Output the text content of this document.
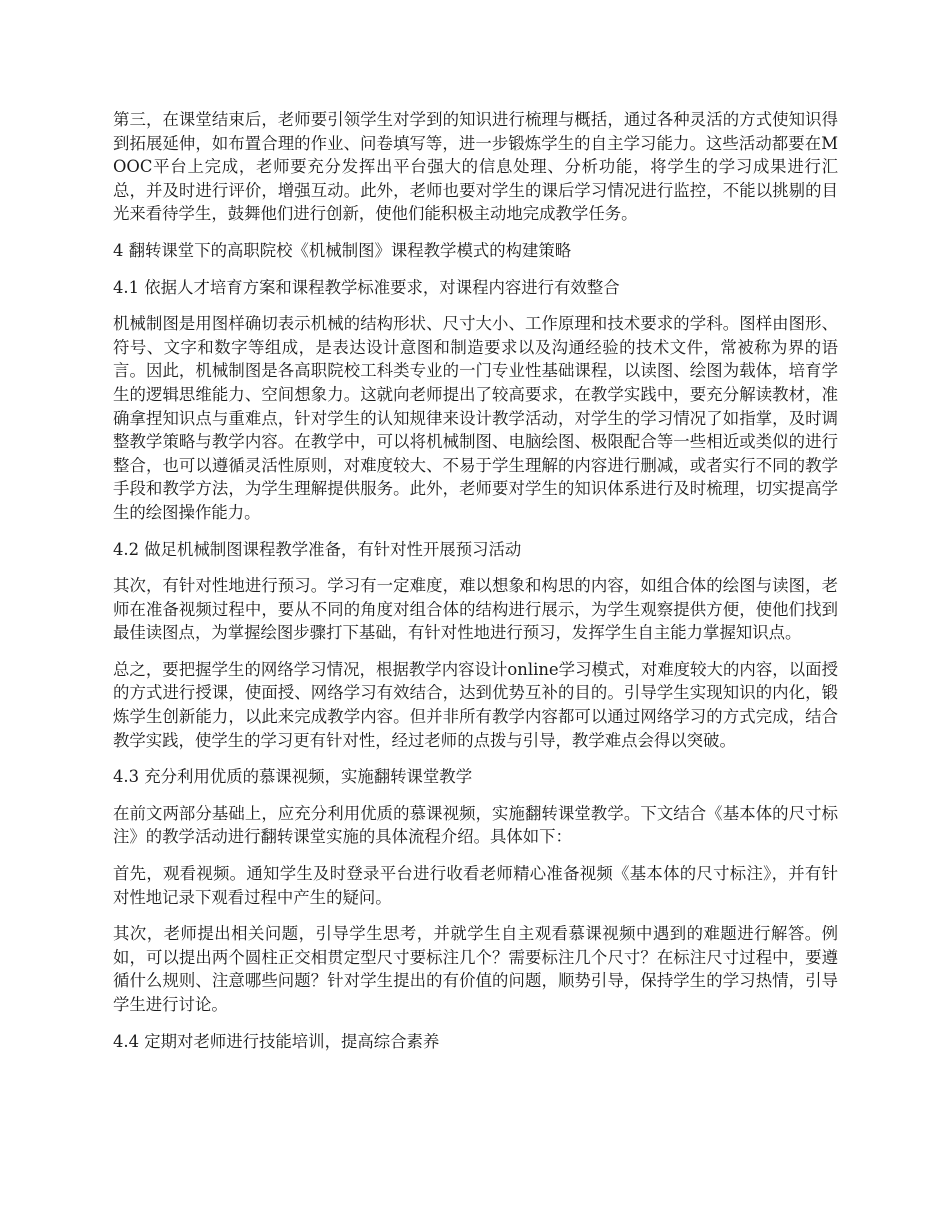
第三，在课堂结束后，老师要引领学生对学到的知识进行梳理与概括，通过各种灵活的方式使知识得到拓展延伸，如布置合理的作业、问卷填写等，进一步锻炼学生的自主学习能力。这些活动都要在MOOC平台上完成，老师要充分发挥出平台强大的信息处理、分析功能，将学生的学习成果进行汇总，并及时进行评价，增强互动。此外，老师也要对学生的课后学习情况进行监控，不能以挑剔的目光来看待学生，鼓舞他们进行创新，使他们能积极主动地完成教学任务。

4 翻转课堂下的高职院校《机械制图》课程教学模式的构建策略

4.1 依据人才培育方案和课程教学标准要求，对课程内容进行有效整合

机械制图是用图样确切表示机械的结构形状、尺寸大小、工作原理和技术要求的学科。图样由图形、符号、文字和数字等组成，是表达设计意图和制造要求以及沟通经验的技术文件，常被称为界的语言。因此，机械制图是各高职院校工科类专业的一门专业性基础课程，以读图、绘图为载体，培育学生的逻辑思维能力、空间想象力。这就向老师提出了较高要求，在教学实践中，要充分解读教材，准确拿捏知识点与重难点，针对学生的认知规律来设计教学活动，对学生的学习情况了如指掌，及时调整教学策略与教学内容。在教学中，可以将机械制图、电脑绘图、极限配合等一些相近或类似的进行整合，也可以遵循灵活性原则，对难度较大、不易于学生理解的内容进行删减，或者实行不同的教学手段和教学方法，为学生理解提供服务。此外，老师要对学生的知识体系进行及时梳理，切实提高学生的绘图操作能力。

4.2 做足机械制图课程教学准备，有针对性开展预习活动

其次，有针对性地进行预习。学习有一定难度，难以想象和构思的内容，如组合体的绘图与读图，老师在准备视频过程中，要从不同的角度对组合体的结构进行展示，为学生观察提供方便，使他们找到最佳读图点，为掌握绘图步骤打下基础，有针对性地进行预习，发挥学生自主能力掌握知识点。

总之，要把握学生的网络学习情况，根据教学内容设计online学习模式，对难度较大的内容，以面授的方式进行授课，使面授、网络学习有效结合，达到优势互补的目的。引导学生实现知识的内化，锻炼学生创新能力，以此来完成教学内容。但并非所有教学内容都可以通过网络学习的方式完成，结合教学实践，使学生的学习更有针对性，经过老师的点拨与引导，教学难点会得以突破。

4.3 充分利用优质的慕课视频，实施翻转课堂教学

在前文两部分基础上，应充分利用优质的慕课视频，实施翻转课堂教学。下文结合《基本体的尺寸标注》的教学活动进行翻转课堂实施的具体流程介绍。具体如下：

首先，观看视频。通知学生及时登录平台进行收看老师精心准备视频《基本体的尺寸标注》，并有针对性地记录下观看过程中产生的疑问。

其次，老师提出相关问题，引导学生思考，并就学生自主观看慕课视频中遇到的难题进行解答。例如，可以提出两个圆柱正交相贯定型尺寸要标注几个？需要标注几个尺寸？在标注尺寸过程中，要遵循什么规则、注意哪些问题？针对学生提出的有价值的问题，顺势引导，保持学生的学习热情，引导学生进行讨论。

4.4 定期对老师进行技能培训，提高综合素养
